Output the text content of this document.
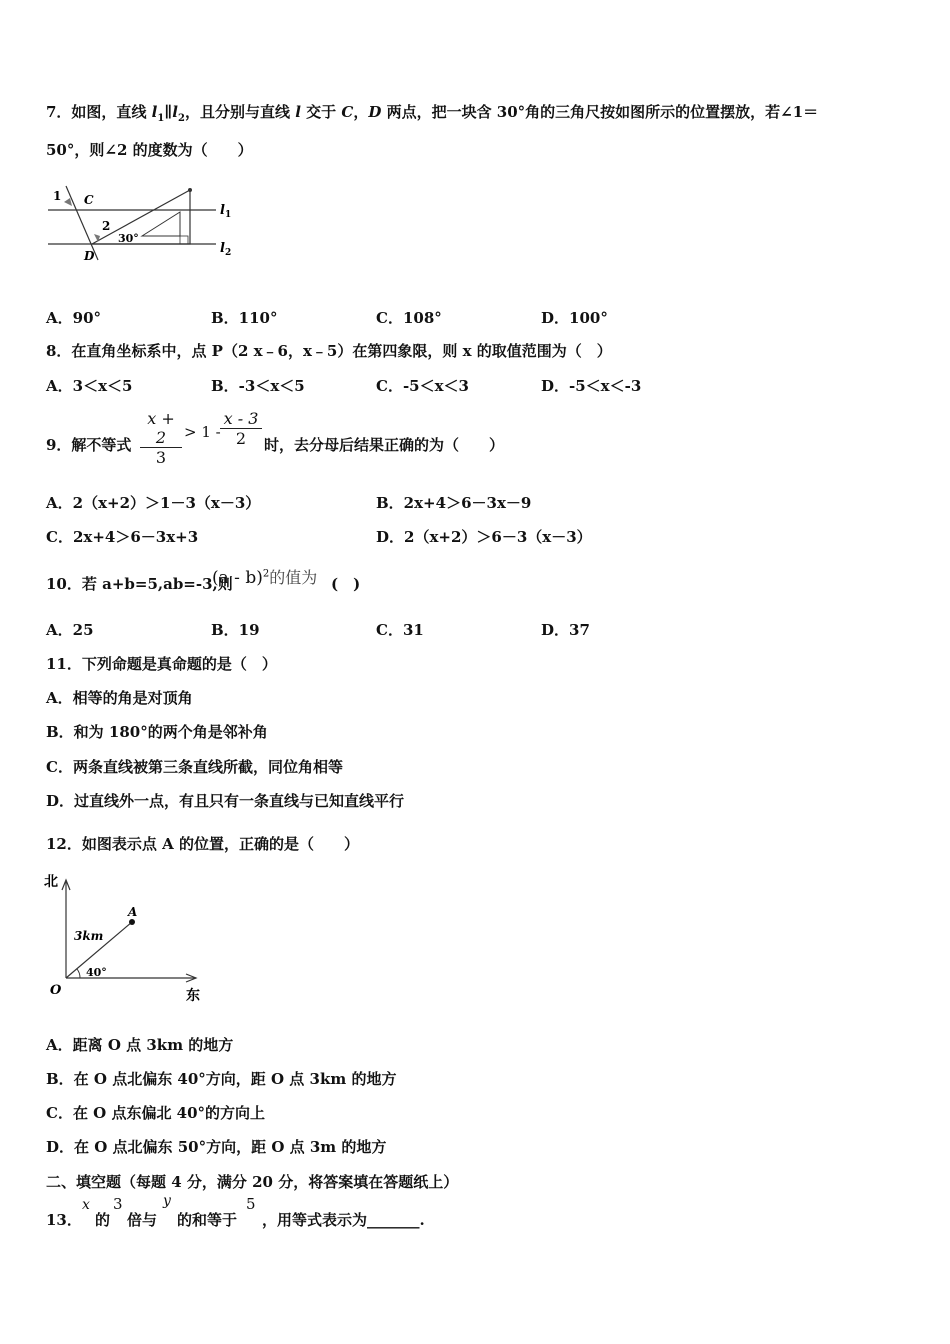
7．如图，直线 $l_1\parallel l_2$，且分别与直线 l 交于 C，D 两点，把一块含 30°角的三角尺按如图所示的位置摆放，若∠1＝
50°，则∠2 的度数为（　　）
1 C
2
30°
D
l 1
l 2
A．90°	B．110°	C．108°	D．100°
8．在直角坐标系中，点 P（2 x﹣6，x﹣5）在第四象限，则 x 的取值范围为（　）
A．3＜x＜5	B．-3＜x＜5	C．-5＜x＜3	D．-5＜x＜-3
9．解不等式 $\frac{x + 2}{3} > 1 - \frac{x - 3}{2}$ 时，去分母后结果正确的为（　　）
A．2（x+2）＞1－3（x－3）	B．2x+4＞6－3x－9
C．2x+4＞6－3x+3	D．2（x+2）＞6－3（x－3）
10．若 a+b=5,ab=-3,则
(a - b)$^2$的值为 (　)
A．25	B．19	C．31	D．37
11．下列命题是真命题的是（　）
A．相等的角是对顶角
B．和为 180°的两个角是邻补角
C．两条直线被第三条直线所截，同位角相等
D．过直线外一点，有且只有一条直线与已知直线平行
12．如图表示点 A 的位置，正确的是（　　）
北
东
O
A
3km
40°
A．距离 O 点 3km 的地方
B．在 O 点北偏东 40°方向，距 O 点 3km 的地方
C．在 O 点东偏北 40°的方向上
D．在 O 点北偏东 50°方向，距 O 点 3m 的地方
二、填空题（每题 4 分，满分 20 分，将答案填在答题纸上）
13．
x
的
3
倍与
y
的和等于
5
，用等式表示为_______.
